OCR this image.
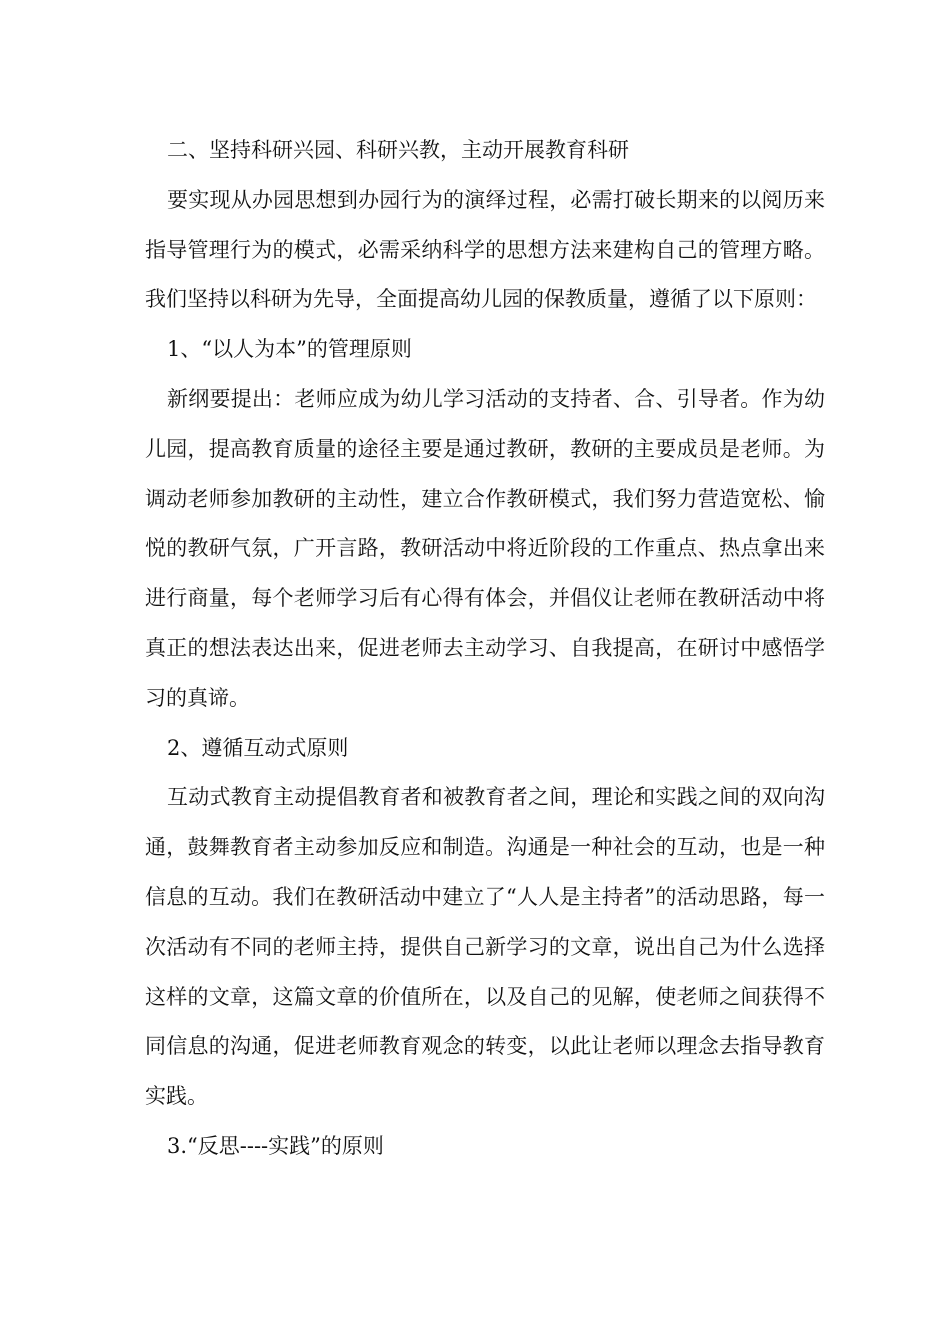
二、坚持科研兴园、科研兴教，主动开展教育科研

要实现从办园思想到办园行为的演绎过程，必需打破长期来的以阅历来指导管理行为的模式，必需采纳科学的思想方法来建构自己的管理方略。我们坚持以科研为先导，全面提高幼儿园的保教质量，遵循了以下原则：

1、“以人为本”的管理原则

新纲要提出：老师应成为幼儿学习活动的支持者、合、引导者。作为幼儿园，提高教育质量的途径主要是通过教研，教研的主要成员是老师。为调动老师参加教研的主动性，建立合作教研模式，我们努力营造宽松、愉悦的教研气氛，广开言路，教研活动中将近阶段的工作重点、热点拿出来进行商量，每个老师学习后有心得有体会，并倡仪让老师在教研活动中将真正的想法表达出来，促进老师去主动学习、自我提高，在研讨中感悟学习的真谛。

2、遵循互动式原则

互动式教育主动提倡教育者和被教育者之间，理论和实践之间的双向沟通，鼓舞教育者主动参加反应和制造。沟通是一种社会的互动，也是一种信息的互动。我们在教研活动中建立了“人人是主持者”的活动思路，每一次活动有不同的老师主持，提供自己新学习的文章，说出自己为什么选择这样的文章，这篇文章的价值所在，以及自己的见解，使老师之间获得不同信息的沟通，促进老师教育观念的转变，以此让老师以理念去指导教育实践。

3.“反思----实践”的原则
